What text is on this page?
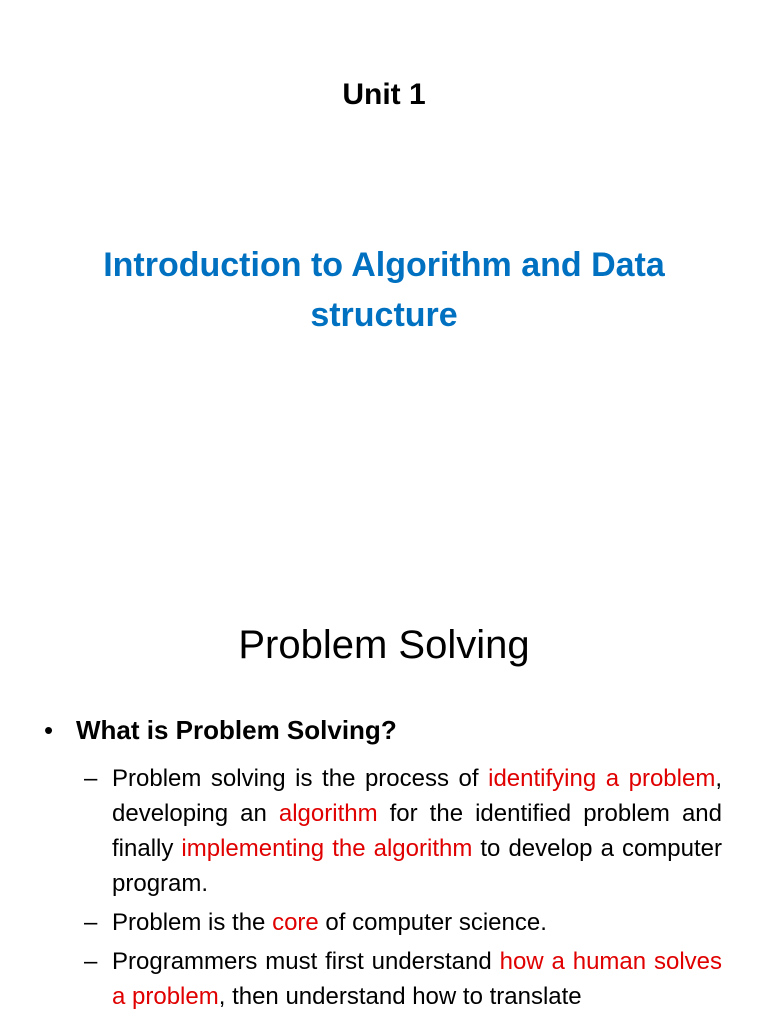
Unit 1
Introduction to Algorithm and Data
structure
Problem Solving
• What is Problem Solving?
– Problem solving is the process of identifying a problem, developing an algorithm for the identified problem and finally implementing the algorithm to develop a computer program.
– Problem is the core of computer science.
– Programmers must first understand how a human solves a problem, then understand how to translate
